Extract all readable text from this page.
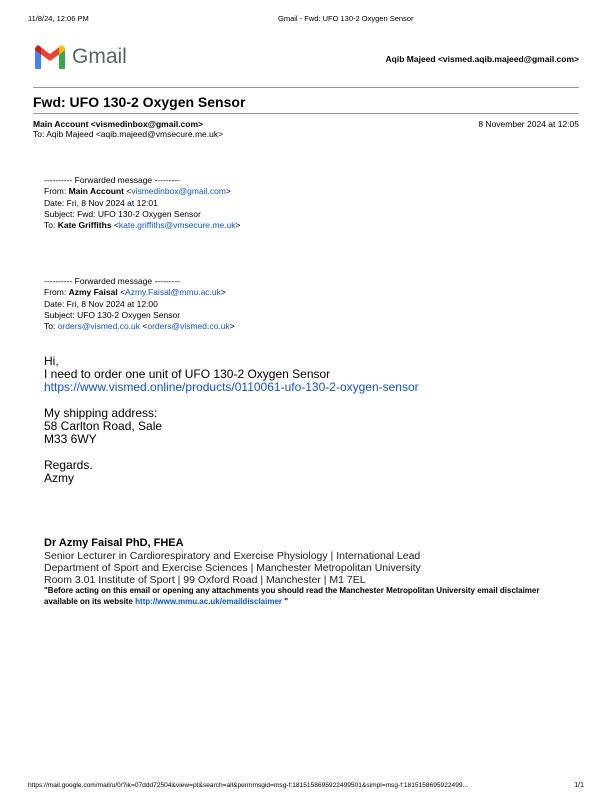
11/8/24, 12:06 PM	Gmail - Fwd: UFO 130-2 Oxygen Sensor
Gmail	Aqib Majeed <vismed.aqib.majeed@gmail.com>
Fwd: UFO 130-2 Oxygen Sensor
Main Account <vismedinbox@gmail.com>	8 November 2024 at 12:05
To: Aqib Majeed <aqib.majeed@vmsecure.me.uk>
---------- Forwarded message ---------
From: Main Account <vismedinbox@gmail.com>
Date: Fri, 8 Nov 2024 at 12:01
Subject: Fwd: UFO 130-2 Oxygen Sensor
To: Kate Griffiths <kate.griffiths@vmsecure.me.uk>
---------- Forwarded message ---------
From: Azmy Faisal <Azmy.Faisal@mmu.ac.uk>
Date: Fri, 8 Nov 2024 at 12:00
Subject: UFO 130-2 Oxygen Sensor
To: orders@vismed.co.uk <orders@vismed.co.uk>
Hi,
I need to order one unit of UFO 130-2 Oxygen Sensor
https://www.vismed.online/products/0110061-ufo-130-2-oxygen-sensor
My shipping address:
58 Carlton Road, Sale
M33 6WY
Regards.
Azmy
Dr Azmy Faisal PhD, FHEA
Senior Lecturer in Cardiorespiratory and Exercise Physiology | International Lead
Department of Sport and Exercise Sciences | Manchester Metropolitan University
Room 3.01 Institute of Sport | 99 Oxford Road | Manchester | M1 7EL
"Before acting on this email or opening any attachments you should read the Manchester Metropolitan University email disclaimer available on its website http://www.mmu.ac.uk/emaildisclaimer "
https://mail.google.com/mail/u/0/?ik=07ddd72504&view=pt&search=all&permmsgid=msg-f:1815158695922499501&simpl=msg-f:1815158695922499...	1/1
